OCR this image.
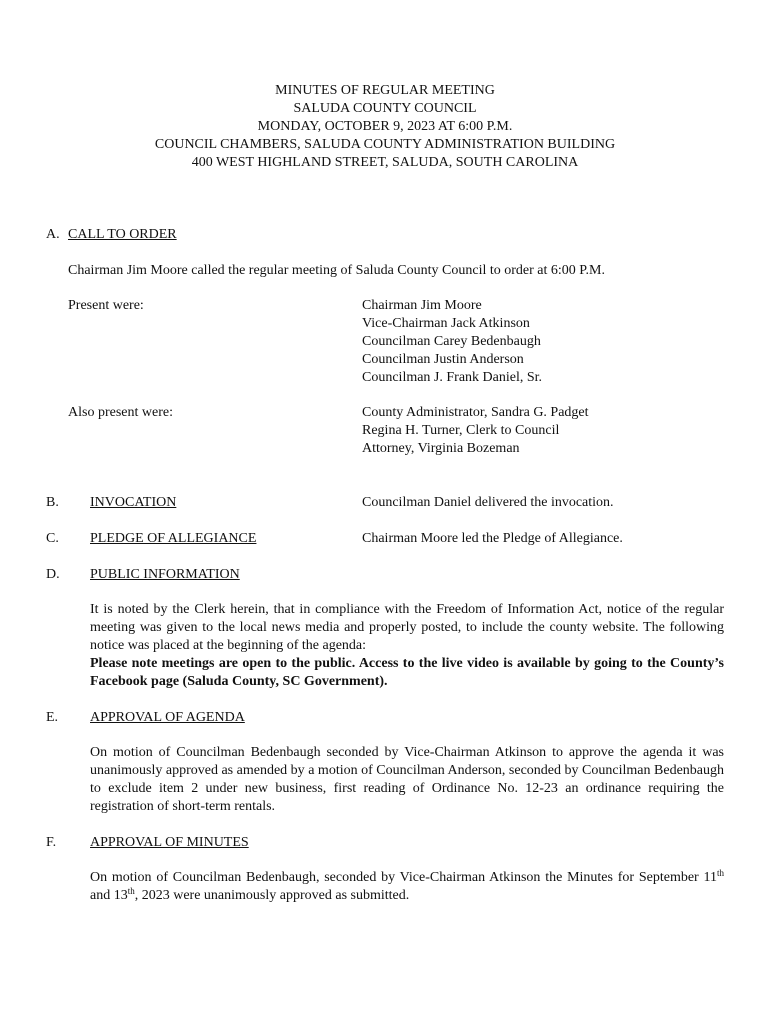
MINUTES OF REGULAR MEETING
SALUDA COUNTY COUNCIL
MONDAY, OCTOBER 9, 2023 AT 6:00 P.M.
COUNCIL CHAMBERS, SALUDA COUNTY ADMINISTRATION BUILDING
400 WEST HIGHLAND STREET, SALUDA, SOUTH CAROLINA
A. CALL TO ORDER
Chairman Jim Moore called the regular meeting of Saluda County Council to order at 6:00 P.M.
Present were:	Chairman Jim Moore
Vice-Chairman Jack Atkinson
Councilman Carey Bedenbaugh
Councilman Justin Anderson
Councilman J. Frank Daniel, Sr.
Also present were:	County Administrator, Sandra G. Padget
Regina H. Turner, Clerk to Council
Attorney, Virginia Bozeman
B. INVOCATION	Councilman Daniel delivered the invocation.
C. PLEDGE OF ALLEGIANCE	Chairman Moore led the Pledge of Allegiance.
D. PUBLIC INFORMATION

It is noted by the Clerk herein, that in compliance with the Freedom of Information Act, notice of the regular meeting was given to the local news media and properly posted, to include the county website. The following notice was placed at the beginning of the agenda:

Please note meetings are open to the public. Access to the live video is available by going to the County’s Facebook page (Saluda County, SC Government).

E. APPROVAL OF AGENDA

On motion of Councilman Bedenbaugh seconded by Vice-Chairman Atkinson to approve the agenda it was unanimously approved as amended by a motion of Councilman Anderson, seconded by Councilman Bedenbaugh to exclude item 2 under new business, first reading of Ordinance No. 12-23 an ordinance requiring the registration of short-term rentals.

F. APPROVAL OF MINUTES

On motion of Councilman Bedenbaugh, seconded by Vice-Chairman Atkinson the Minutes for September 11th and 13th, 2023 were unanimously approved as submitted.
